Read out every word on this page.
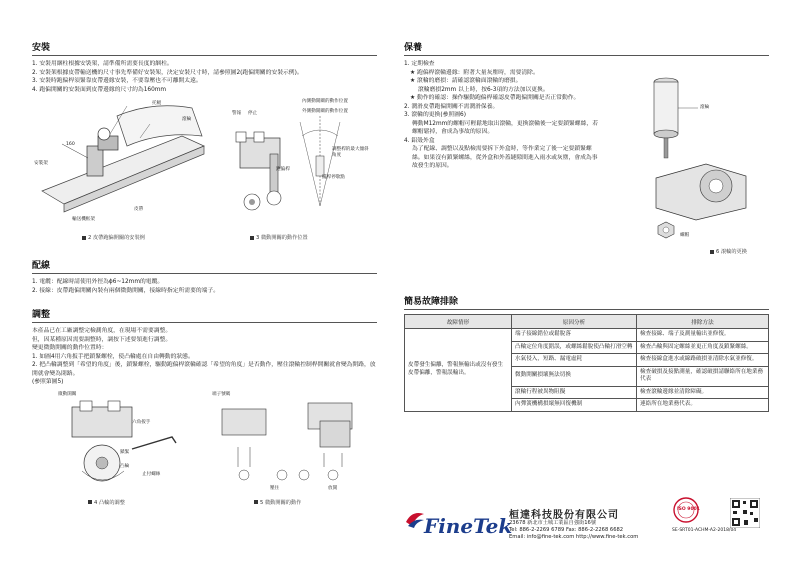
安裝

1. 安裝用綑柱根據安裝架，請準備所需要長度的綑柱。

2. 安裝架根據皮帶輸送機的尺寸事先準備好安裝架，決定安裝尺寸時，請參照圖2(跑偏開關的安裝示例)。

3. 安裝時跑偏桿須緊靠皮帶邊緣安裝，不要靠壓也不可離開太遠。

4. 跑偏開關的安裝面到皮帶邊緣的尺寸約為160mm

托輥
滾輪
160
安裝架
皮帶
輸送機框架
2 皮帶跑偏開關的安裝例
警報 停止
內側動開關的動作位置
外側動開關的動作位置
調整桿的最大傾斜角度
擺桿停歇點
跑偏桿
3 微動開關的動作位置
配線

1. 電纜：配線時請使用外徑為ϕ6~12mm的電纜。

2. 接線：皮帶跑偏開關內裝有兩個微動開關，接線時指定所需要的端子。

調整

本產品已在工廠調整完檢測角度，在現場不需要調整。

但，因某種原因需要調整時，調按下述要領進行調整。

變更微動開關的動作位置時：

1. 如圖4用六角扳手把鎖緊螺栓，使凸輪處在自由轉動的狀態。

2. 把凸輪調整到「希望的角度」後，鎖緊螺栓，驅動跑偏桿滾輪確認「希望的角度」是否動作，壓住滾輪控制桿開關就會變為開路，放開就會變為閉路。

(參照第圖5)

微動開關
六角扳手
鎖緊
凸輪
止付螺絲
4 凸輪的調整
端子號碼
壓住	放開
5 微動開關的動作
保養

1. 定期檢查

★ 跑偏桿滾輪邊緣：附著大量灰塵時，需要清除。

★ 滾輪的磨損：請確認滾輪面滾輪的磨損。

滾輪磨損2mm 以上時，按6-3項的方法加以更換。

★ 動作的確認：操作驅動跑偏桿確認皮帶跑偏開關是否正常動作。

2. 潤滑皮帶跑偏開關不需潤滑保養。

3. 滾輪的更換(參照圖6)

轉動M12mm的螺帽可輕鬆地取出滾輪，更換滾輪後一定要鎖緊螺絲，若螺帽鬆掉，會成為事故的原因。

4. 鋁殼外盒

為了配線、調整以及點檢需要拆下外盒時，等作業完了後一定要鎖緊螺絲。如果沒有鎖緊螺絲，從外盒和外蓋縫隙間進入雨水或灰塵，會成為事故發生的原因。

滾輪
螺帽
6 滾輪的更換
簡易故障排除
故障情形	原因分析	排除方法
皮帶發生偏離，警報無輸出或沒有發生皮帶偏離，警報誤輸出。	端子接線錯位或鬆脫落	檢查接線、端子及測量輸出並修復。
	凸輪定位角度錯誤，或螺絲鬆脫使凸輪打滑空轉	檢查凸輪與固定螺絲並更正角度及鎖緊螺絲。
	水氣侵入，短路、漏電虛耗	檢查接線盒進水或線路破損並清除水氣並修復。
	微動開關損壞無法切換	檢查破損及接點測量，確認破損請聯絡所在地業務代表
	滾輪行程被異物阻擬	檢查滾輪邊緣並清除障礙。
	內彈簧機構損壞無回復機制	連絡所在地業務代表。
FineTek
桓達科技股份有限公司
23678 新北市土城工業區自強街16號
Tel: 886-2-2269 6789 Fax: 886-2-2268 6682
Email: info@fine-tek.com http://www.fine-tek.com
SE-SRT01-ACHM-A2-2018/04
ISO 9001
